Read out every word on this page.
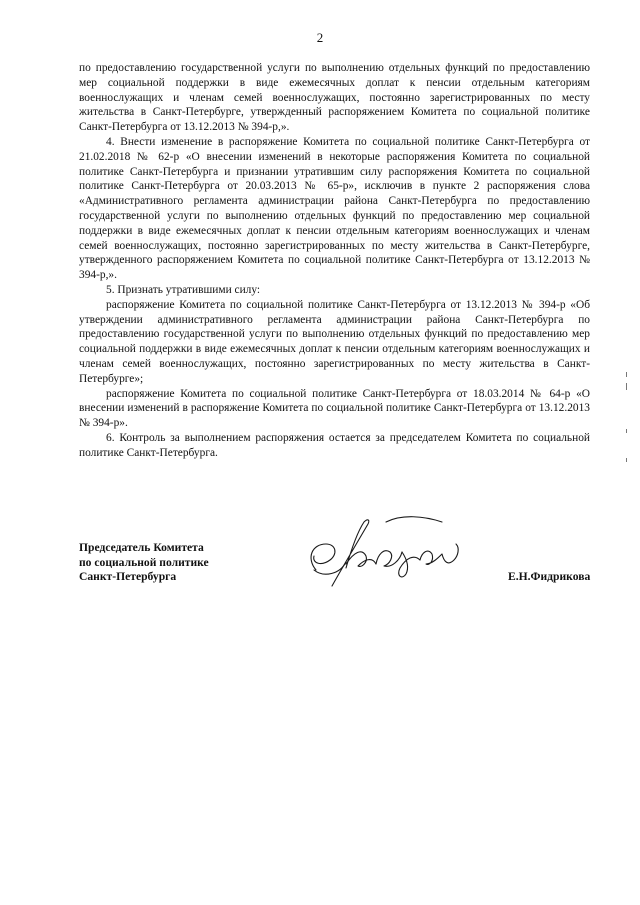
2

по предоставлению государственной услуги по выполнению отдельных функций по предоставлению мер социальной поддержки в виде ежемесячных доплат к пенсии отдельным категориям военнослужащих и членам семей военнослужащих, постоянно зарегистрированных по месту жительства в Санкт-Петербурге, утвержденный распоряжением Комитета по социальной политике Санкт-Петербурга от 13.12.2013 № 394-р,».

4. Внести изменение в распоряжение Комитета по социальной политике Санкт-Петербурга от 21.02.2018 № 62-р «О внесении изменений в некоторые распоряжения Комитета по социальной политике Санкт-Петербурга и признании утратившим силу распоряжения Комитета по социальной политике Санкт-Петербурга от 20.03.2013 № 65-р», исключив в пункте 2 распоряжения слова «Административного регламента администрации района Санкт-Петербурга по предоставлению государственной услуги по выполнению отдельных функций по предоставлению мер социальной поддержки в виде ежемесячных доплат к пенсии отдельным категориям военнослужащих и членам семей военнослужащих, постоянно зарегистрированных по месту жительства в Санкт-Петербурге, утвержденного распоряжением Комитета по социальной политике Санкт-Петербурга от 13.12.2013 № 394-р,».

5. Признать утратившими силу:

распоряжение Комитета по социальной политике Санкт-Петербурга от 13.12.2013 № 394-р «Об утверждении административного регламента администрации района Санкт-Петербурга по предоставлению государственной услуги по выполнению отдельных функций по предоставлению мер социальной поддержки в виде ежемесячных доплат к пенсии отдельным категориям военнослужащих и членам семей военнослужащих, постоянно зарегистрированных по месту жительства в Санкт-Петербурге»;

распоряжение Комитета по социальной политике Санкт-Петербурга от 18.03.2014 № 64-р «О внесении изменений в распоряжение Комитета по социальной политике Санкт-Петербурга от 13.12.2013 № 394-р».

6. Контроль за выполнением распоряжения остается за председателем Комитета по социальной политике Санкт-Петербурга.

Председатель Комитета
по социальной политике
Санкт-Петербурга	Е.Н.Фидрикова
